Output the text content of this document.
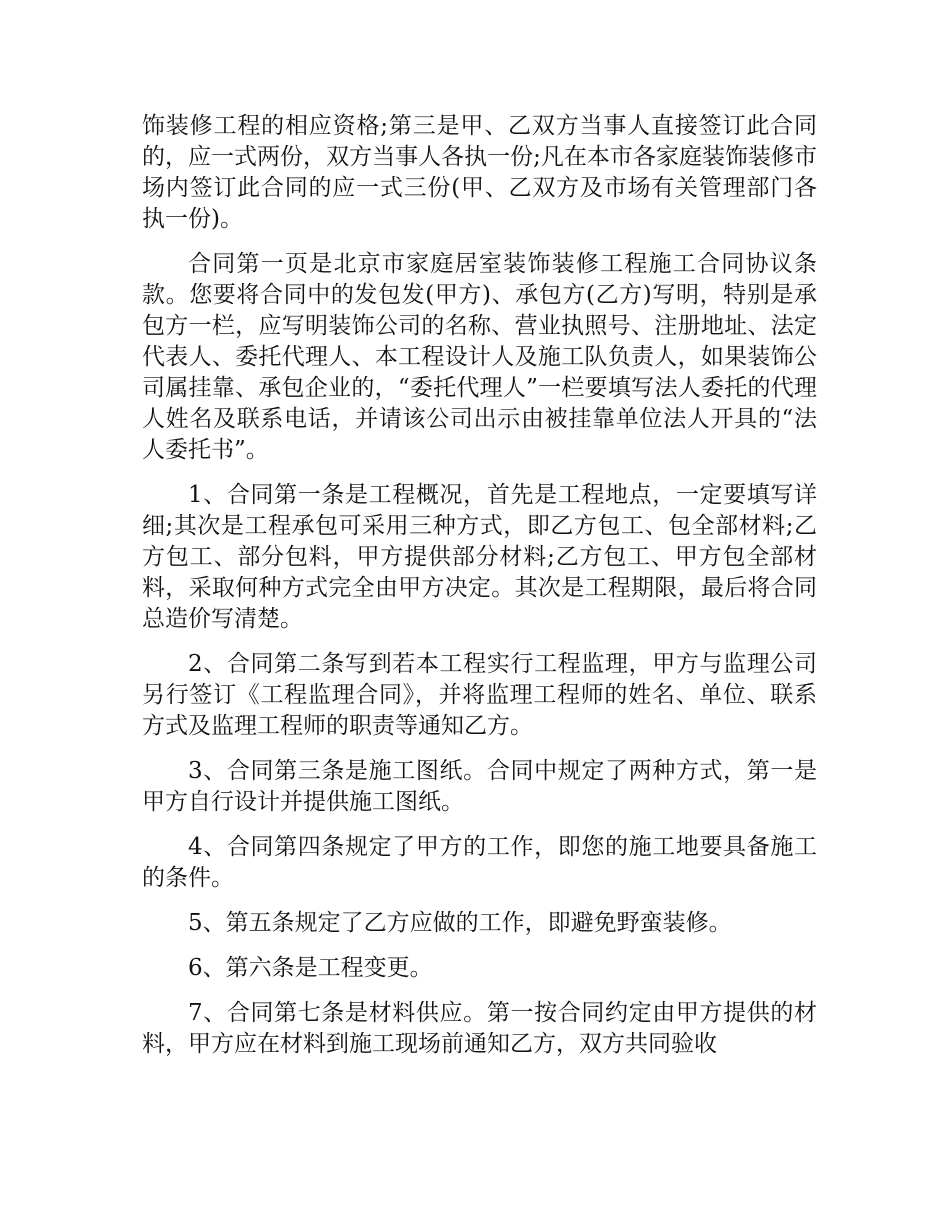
饰装修工程的相应资格;第三是甲、乙双方当事人直接签订此合同的，应一式两份，双方当事人各执一份;凡在本市各家庭装饰装修市场内签订此合同的应一式三份(甲、乙双方及市场有关管理部门各执一份)。

合同第一页是北京市家庭居室装饰装修工程施工合同协议条款。您要将合同中的发包发(甲方)、承包方(乙方)写明，特别是承包方一栏，应写明装饰公司的名称、营业执照号、注册地址、法定代表人、委托代理人、本工程设计人及施工队负责人，如果装饰公司属挂靠、承包企业的，“委托代理人”一栏要填写法人委托的代理人姓名及联系电话，并请该公司出示由被挂靠单位法人开具的“法人委托书”。

1、合同第一条是工程概况，首先是工程地点，一定要填写详细;其次是工程承包可采用三种方式，即乙方包工、包全部材料;乙方包工、部分包料，甲方提供部分材料;乙方包工、甲方包全部材料，采取何种方式完全由甲方决定。其次是工程期限，最后将合同总造价写清楚。

2、合同第二条写到若本工程实行工程监理，甲方与监理公司另行签订《工程监理合同》，并将监理工程师的姓名、单位、联系方式及监理工程师的职责等通知乙方。

3、合同第三条是施工图纸。合同中规定了两种方式，第一是甲方自行设计并提供施工图纸。

4、合同第四条规定了甲方的工作，即您的施工地要具备施工的条件。

5、第五条规定了乙方应做的工作，即避免野蛮装修。

6、第六条是工程变更。

7、合同第七条是材料供应。第一按合同约定由甲方提供的材料，甲方应在材料到施工现场前通知乙方，双方共同验收
